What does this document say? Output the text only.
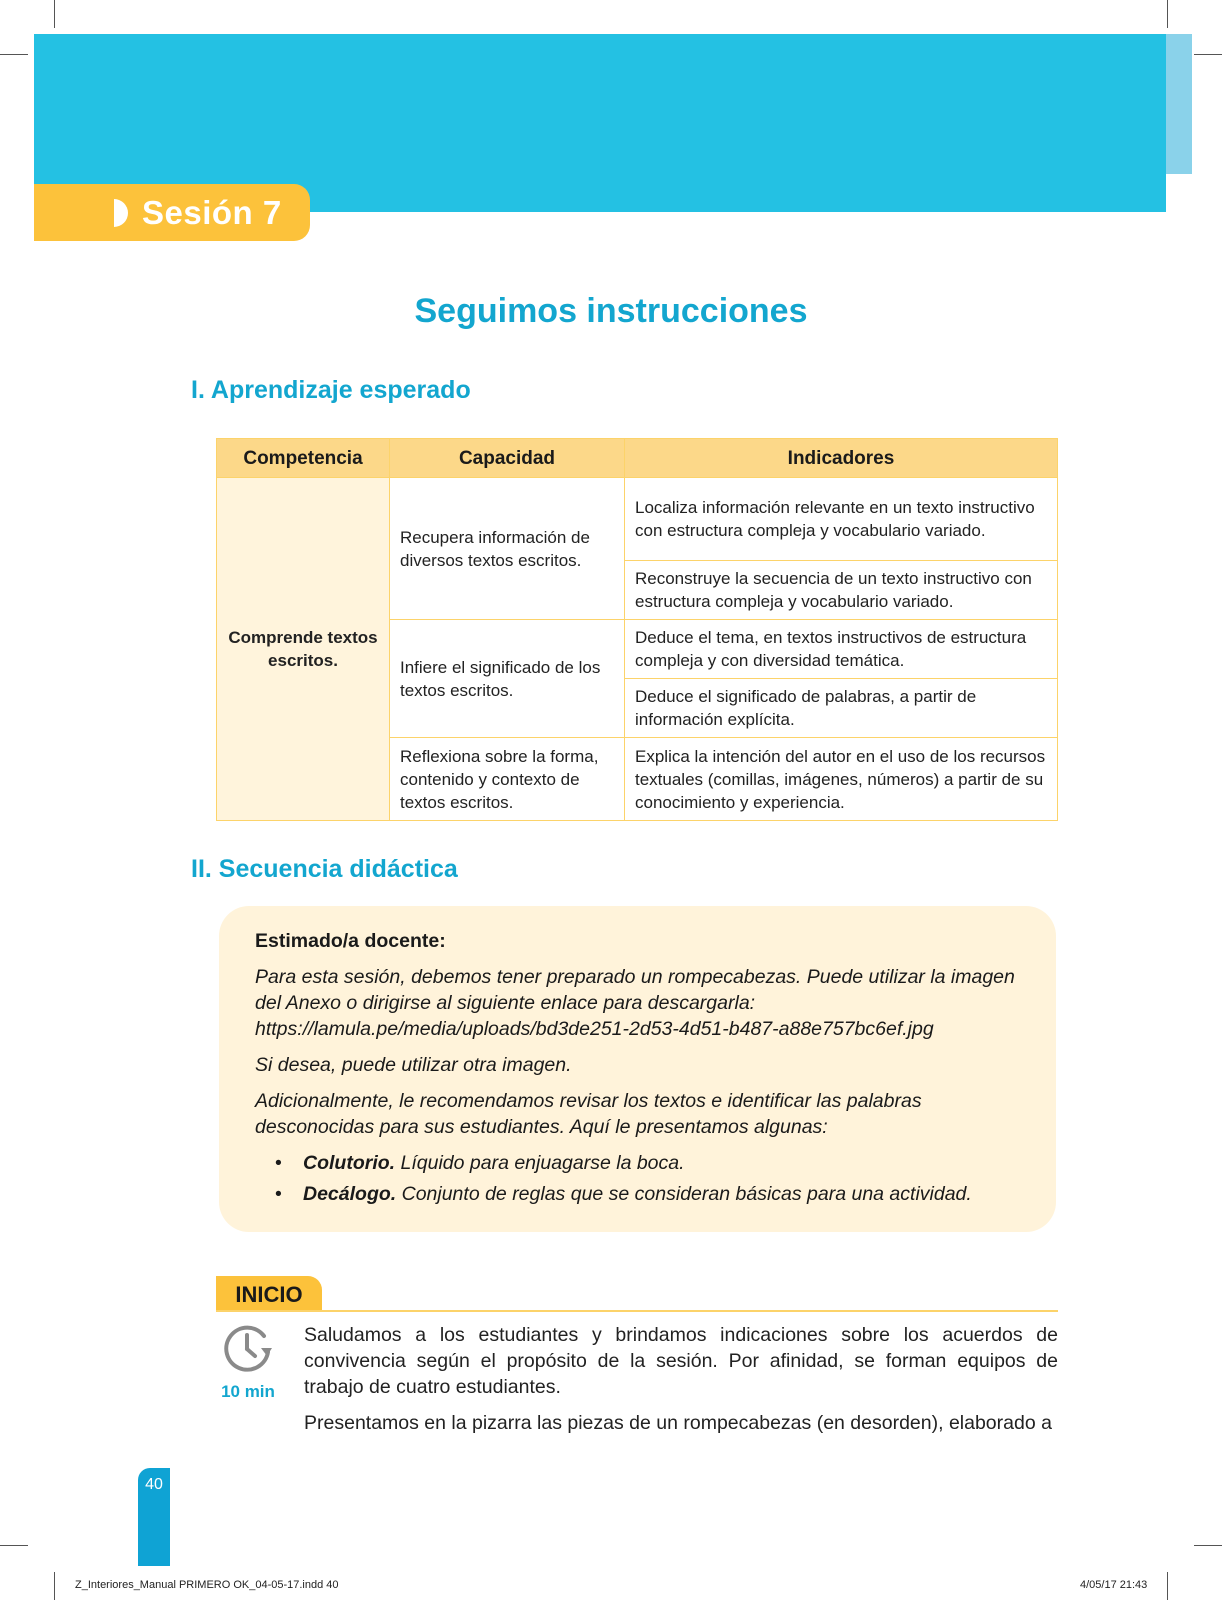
Sesión 7
Seguimos instrucciones
I. Aprendizaje esperado
Competencia	Capacidad	Indicadores
Comprende textos escritos.	Recupera información de diversos textos escritos.	Localiza información relevante en un texto instructivo con estructura compleja y vocabulario variado.
		Reconstruye la secuencia de un texto instructivo con estructura compleja y vocabulario variado.
	Infiere el significado de los textos escritos.	Deduce el tema, en textos instructivos de estructura compleja y con diversidad temática.
		Deduce el significado de palabras, a partir de información explícita.
	Reflexiona sobre la forma, contenido y contexto de textos escritos.	Explica la intención del autor en el uso de los recursos textuales (comillas, imágenes, números) a partir de su conocimiento y experiencia.
II. Secuencia didáctica
Estimado/a docente:

Para esta sesión, debemos tener preparado un rompecabezas. Puede utilizar la imagen del Anexo o dirigirse al siguiente enlace para descargarla:
https://lamula.pe/media/uploads/bd3de251-2d53-4d51-b487-a88e757bc6ef.jpg

Si desea, puede utilizar otra imagen.

Adicionalmente, le recomendamos revisar los textos e identificar las palabras desconocidas para sus estudiantes. Aquí le presentamos algunas:

• Colutorio. Líquido para enjuagarse la boca.
• Decálogo. Conjunto de reglas que se consideran básicas para una actividad.
INICIO
10 min

Saludamos a los estudiantes y brindamos indicaciones sobre los acuerdos de convivencia según el propósito de la sesión. Por afinidad, se forman equipos de trabajo de cuatro estudiantes.

Presentamos en la pizarra las piezas de un rompecabezas (en desorden), elaborado a

40
Z_Interiores_Manual PRIMERO OK_04-05-17.indd 40	4/05/17 21:43
